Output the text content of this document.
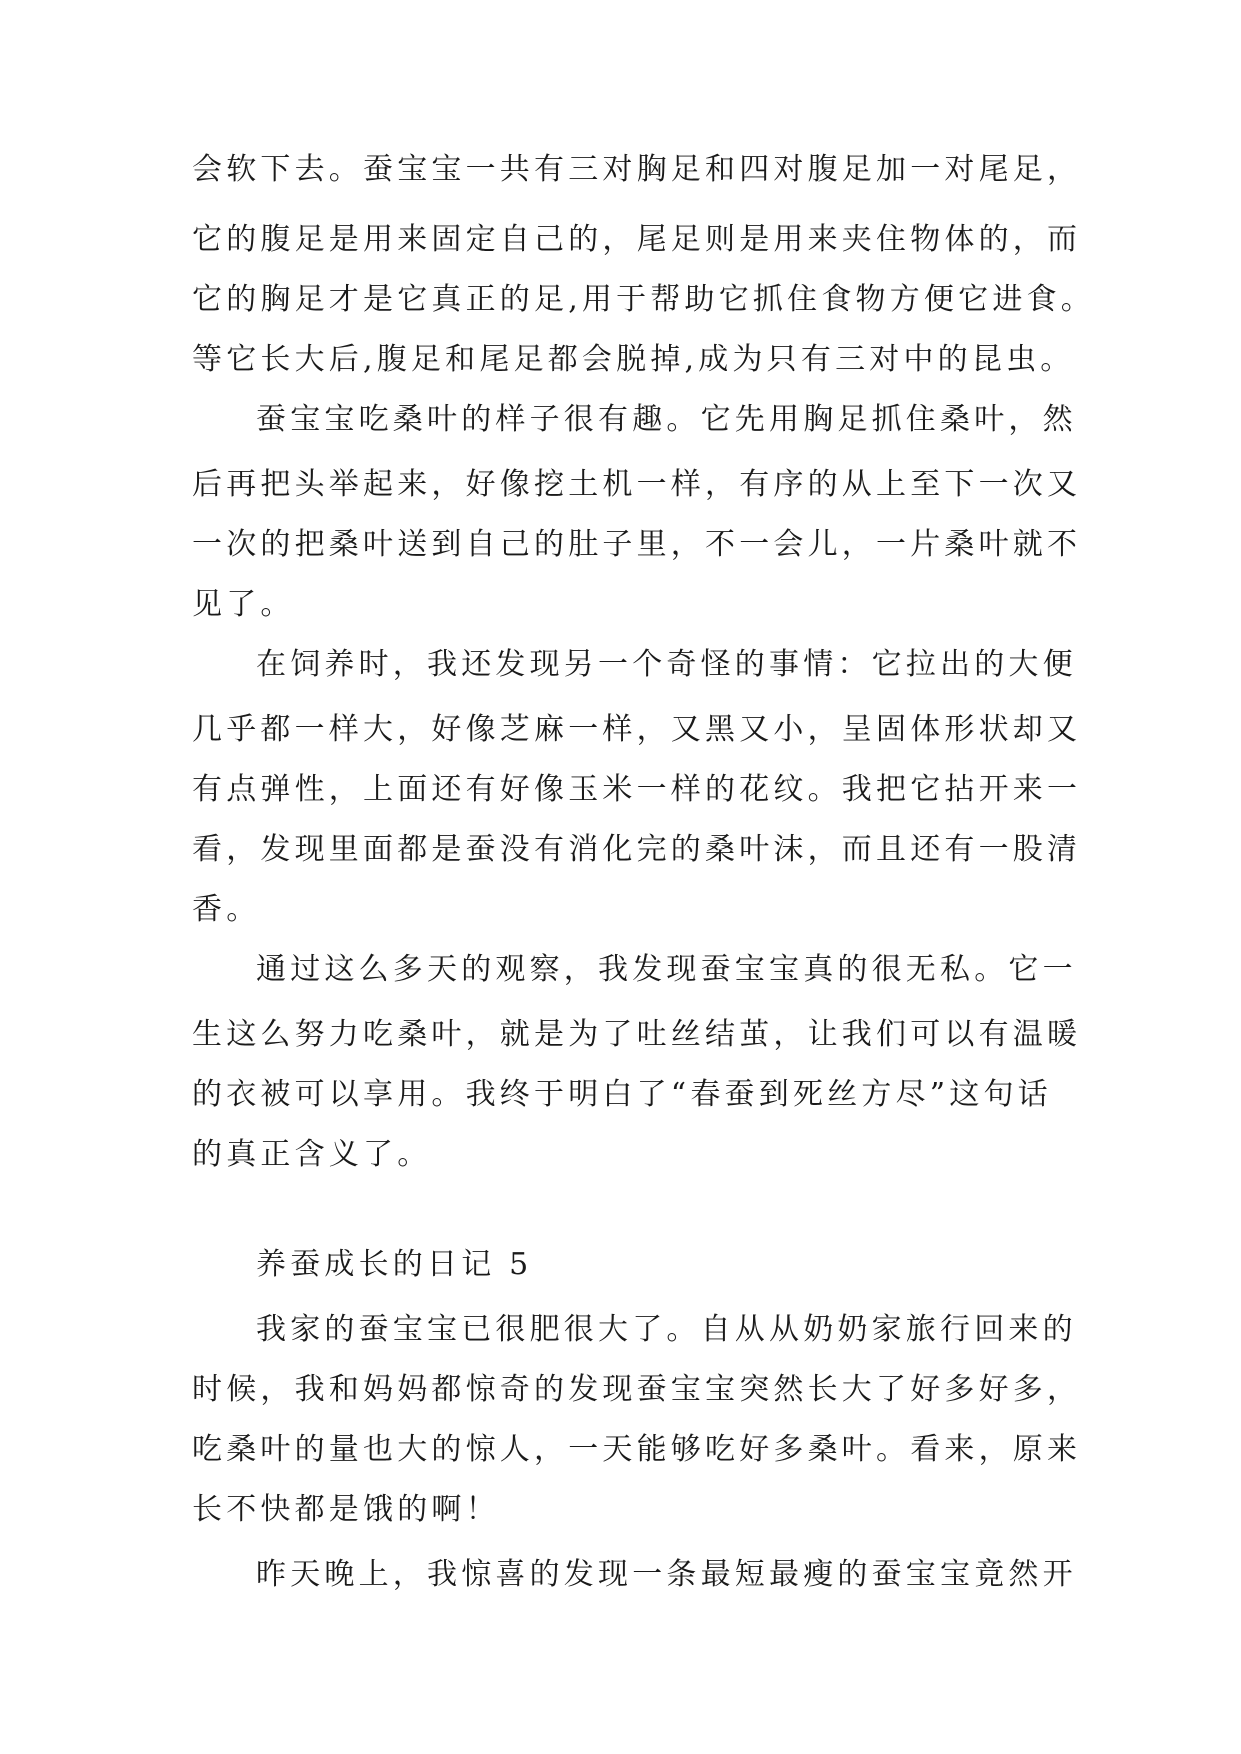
会软下去。蚕宝宝一共有三对胸足和四对腹足加一对尾足，
它的腹足是用来固定自己的，尾足则是用来夹住物体的，而
它的胸足才是它真正的足,用于帮助它抓住食物方便它进食。
等它长大后,腹足和尾足都会脱掉,成为只有三对中的昆虫。
蚕宝宝吃桑叶的样子很有趣。它先用胸足抓住桑叶，然
后再把头举起来，好像挖土机一样，有序的从上至下一次又
一次的把桑叶送到自己的肚子里，不一会儿，一片桑叶就不
见了。
在饲养时，我还发现另一个奇怪的事情：它拉出的大便
几乎都一样大，好像芝麻一样，又黑又小，呈固体形状却又
有点弹性，上面还有好像玉米一样的花纹。我把它拈开来一
看，发现里面都是蚕没有消化完的桑叶沫，而且还有一股清
香。
通过这么多天的观察，我发现蚕宝宝真的很无私。它一
生这么努力吃桑叶，就是为了吐丝结茧，让我们可以有温暖
的衣被可以享用。我终于明白了“春蚕到死丝方尽”这句话
的真正含义了。
养蚕成长的日记 5
我家的蚕宝宝已很肥很大了。自从从奶奶家旅行回来的
时候，我和妈妈都惊奇的发现蚕宝宝突然长大了好多好多，
吃桑叶的量也大的惊人，一天能够吃好多桑叶。看来，原来
长不快都是饿的啊！
昨天晚上，我惊喜的发现一条最短最瘦的蚕宝宝竟然开
